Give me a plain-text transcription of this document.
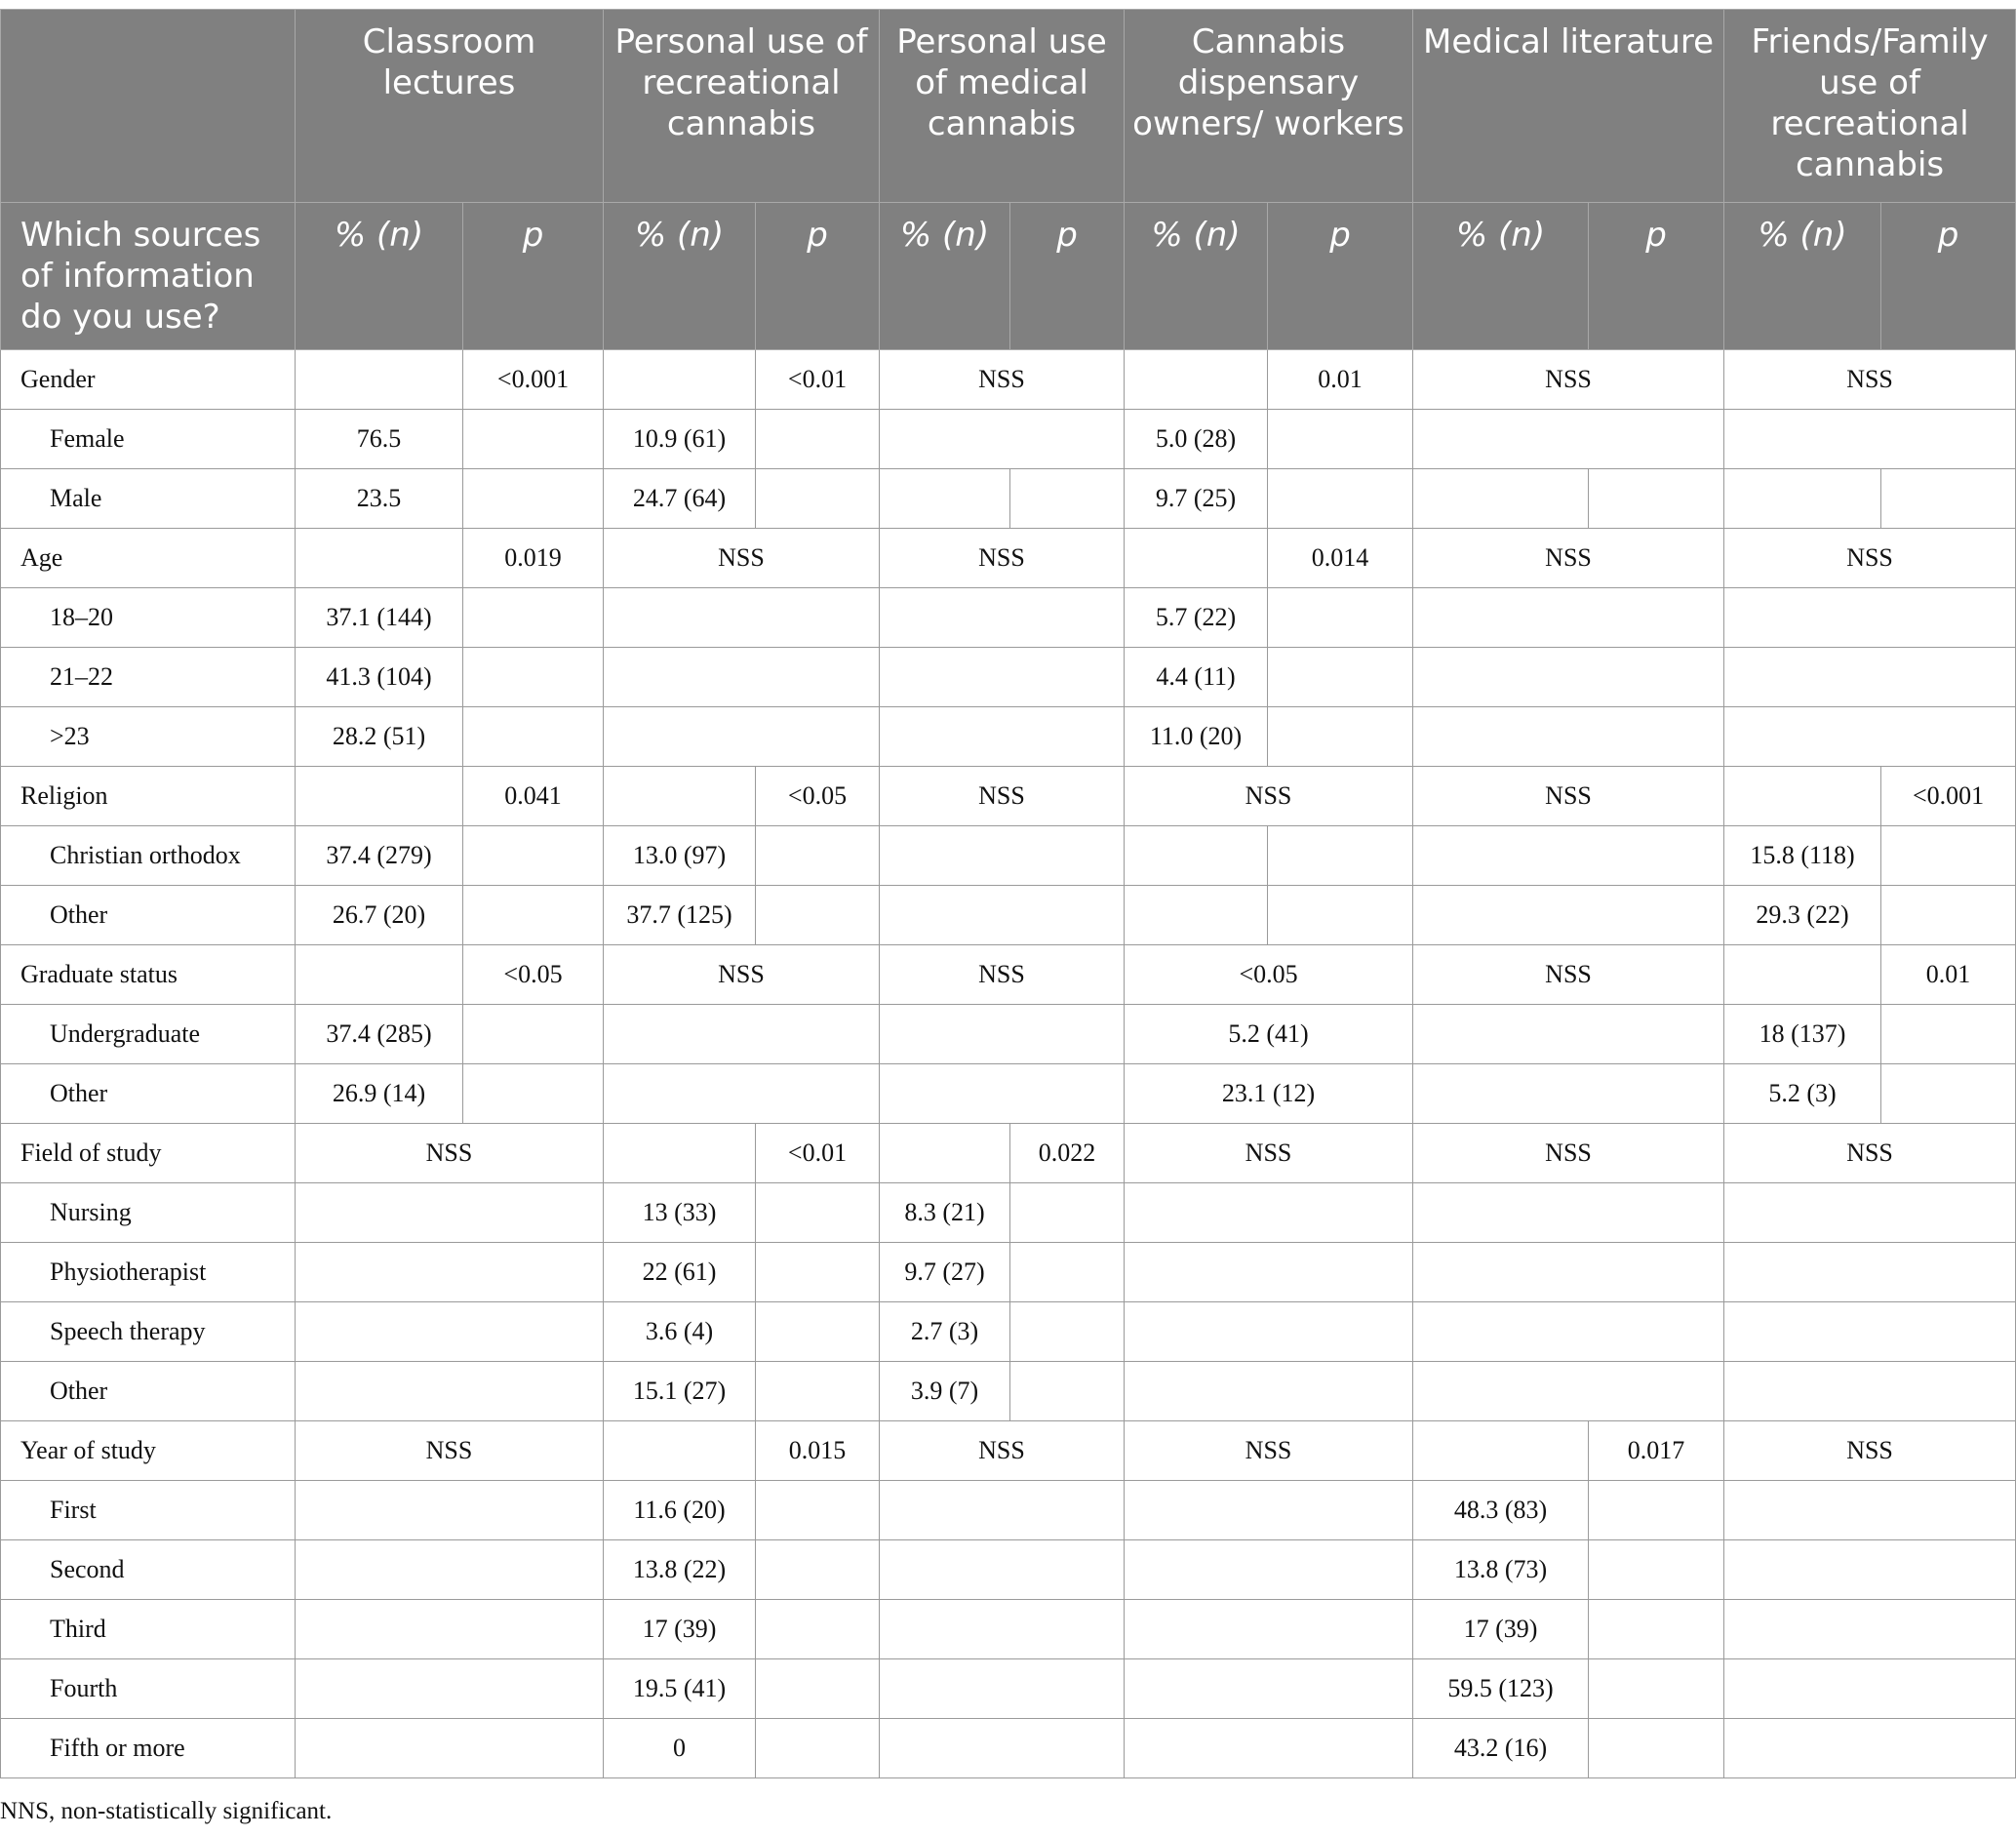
	Classroom lectures		Personal use of recreational cannabis		Personal use of medical cannabis		Cannabis dispensary owners/ workers		Medical literature		Friends/Family use of recreational cannabis	
Which sources of information do you use?	% (n)	p	% (n)	p	% (n)	p	% (n)	p	% (n)	p	% (n)	p
Gender		<0.001		<0.01	NSS			0.01	NSS		NSS	
Female	76.5		10.9 (61)				5.0 (28)					
Male	23.5		24.7 (64)				9.7 (25)					
Age		0.019	NSS		NSS			0.014	NSS		NSS	
18–20	37.1 (144)						5.7 (22)					
21–22	41.3 (104)						4.4 (11)					
>23	28.2 (51)						11.0 (20)					
Religion		0.041		<0.05	NSS		NSS		NSS			<0.001
Christian orthodox	37.4 (279)		13.0 (97)								15.8 (118)	
Other	26.7 (20)		37.7 (125)								29.3 (22)	
Graduate status		<0.05	NSS		NSS		<0.05		NSS			0.01
Undergraduate	37.4 (285)						5.2 (41)				18 (137)	
Other	26.9 (14)						23.1 (12)				5.2 (3)	
Field of study	NSS			<0.01		0.022	NSS		NSS		NSS	
Nursing			13 (33)		8.3 (21)							
Physiotherapist			22 (61)		9.7 (27)							
Speech therapy			3.6 (4)		2.7 (3)							
Other			15.1 (27)		3.9 (7)							
Year of study	NSS			0.015	NSS		NSS			0.017	NSS	
First			11.6 (20)						48.3 (83)			
Second			13.8 (22)						13.8 (73)			
Third			17 (39)						17 (39)			
Fourth			19.5 (41)						59.5 (123)			
Fifth or more			0						43.2 (16)			
NNS, non-statistically significant.
